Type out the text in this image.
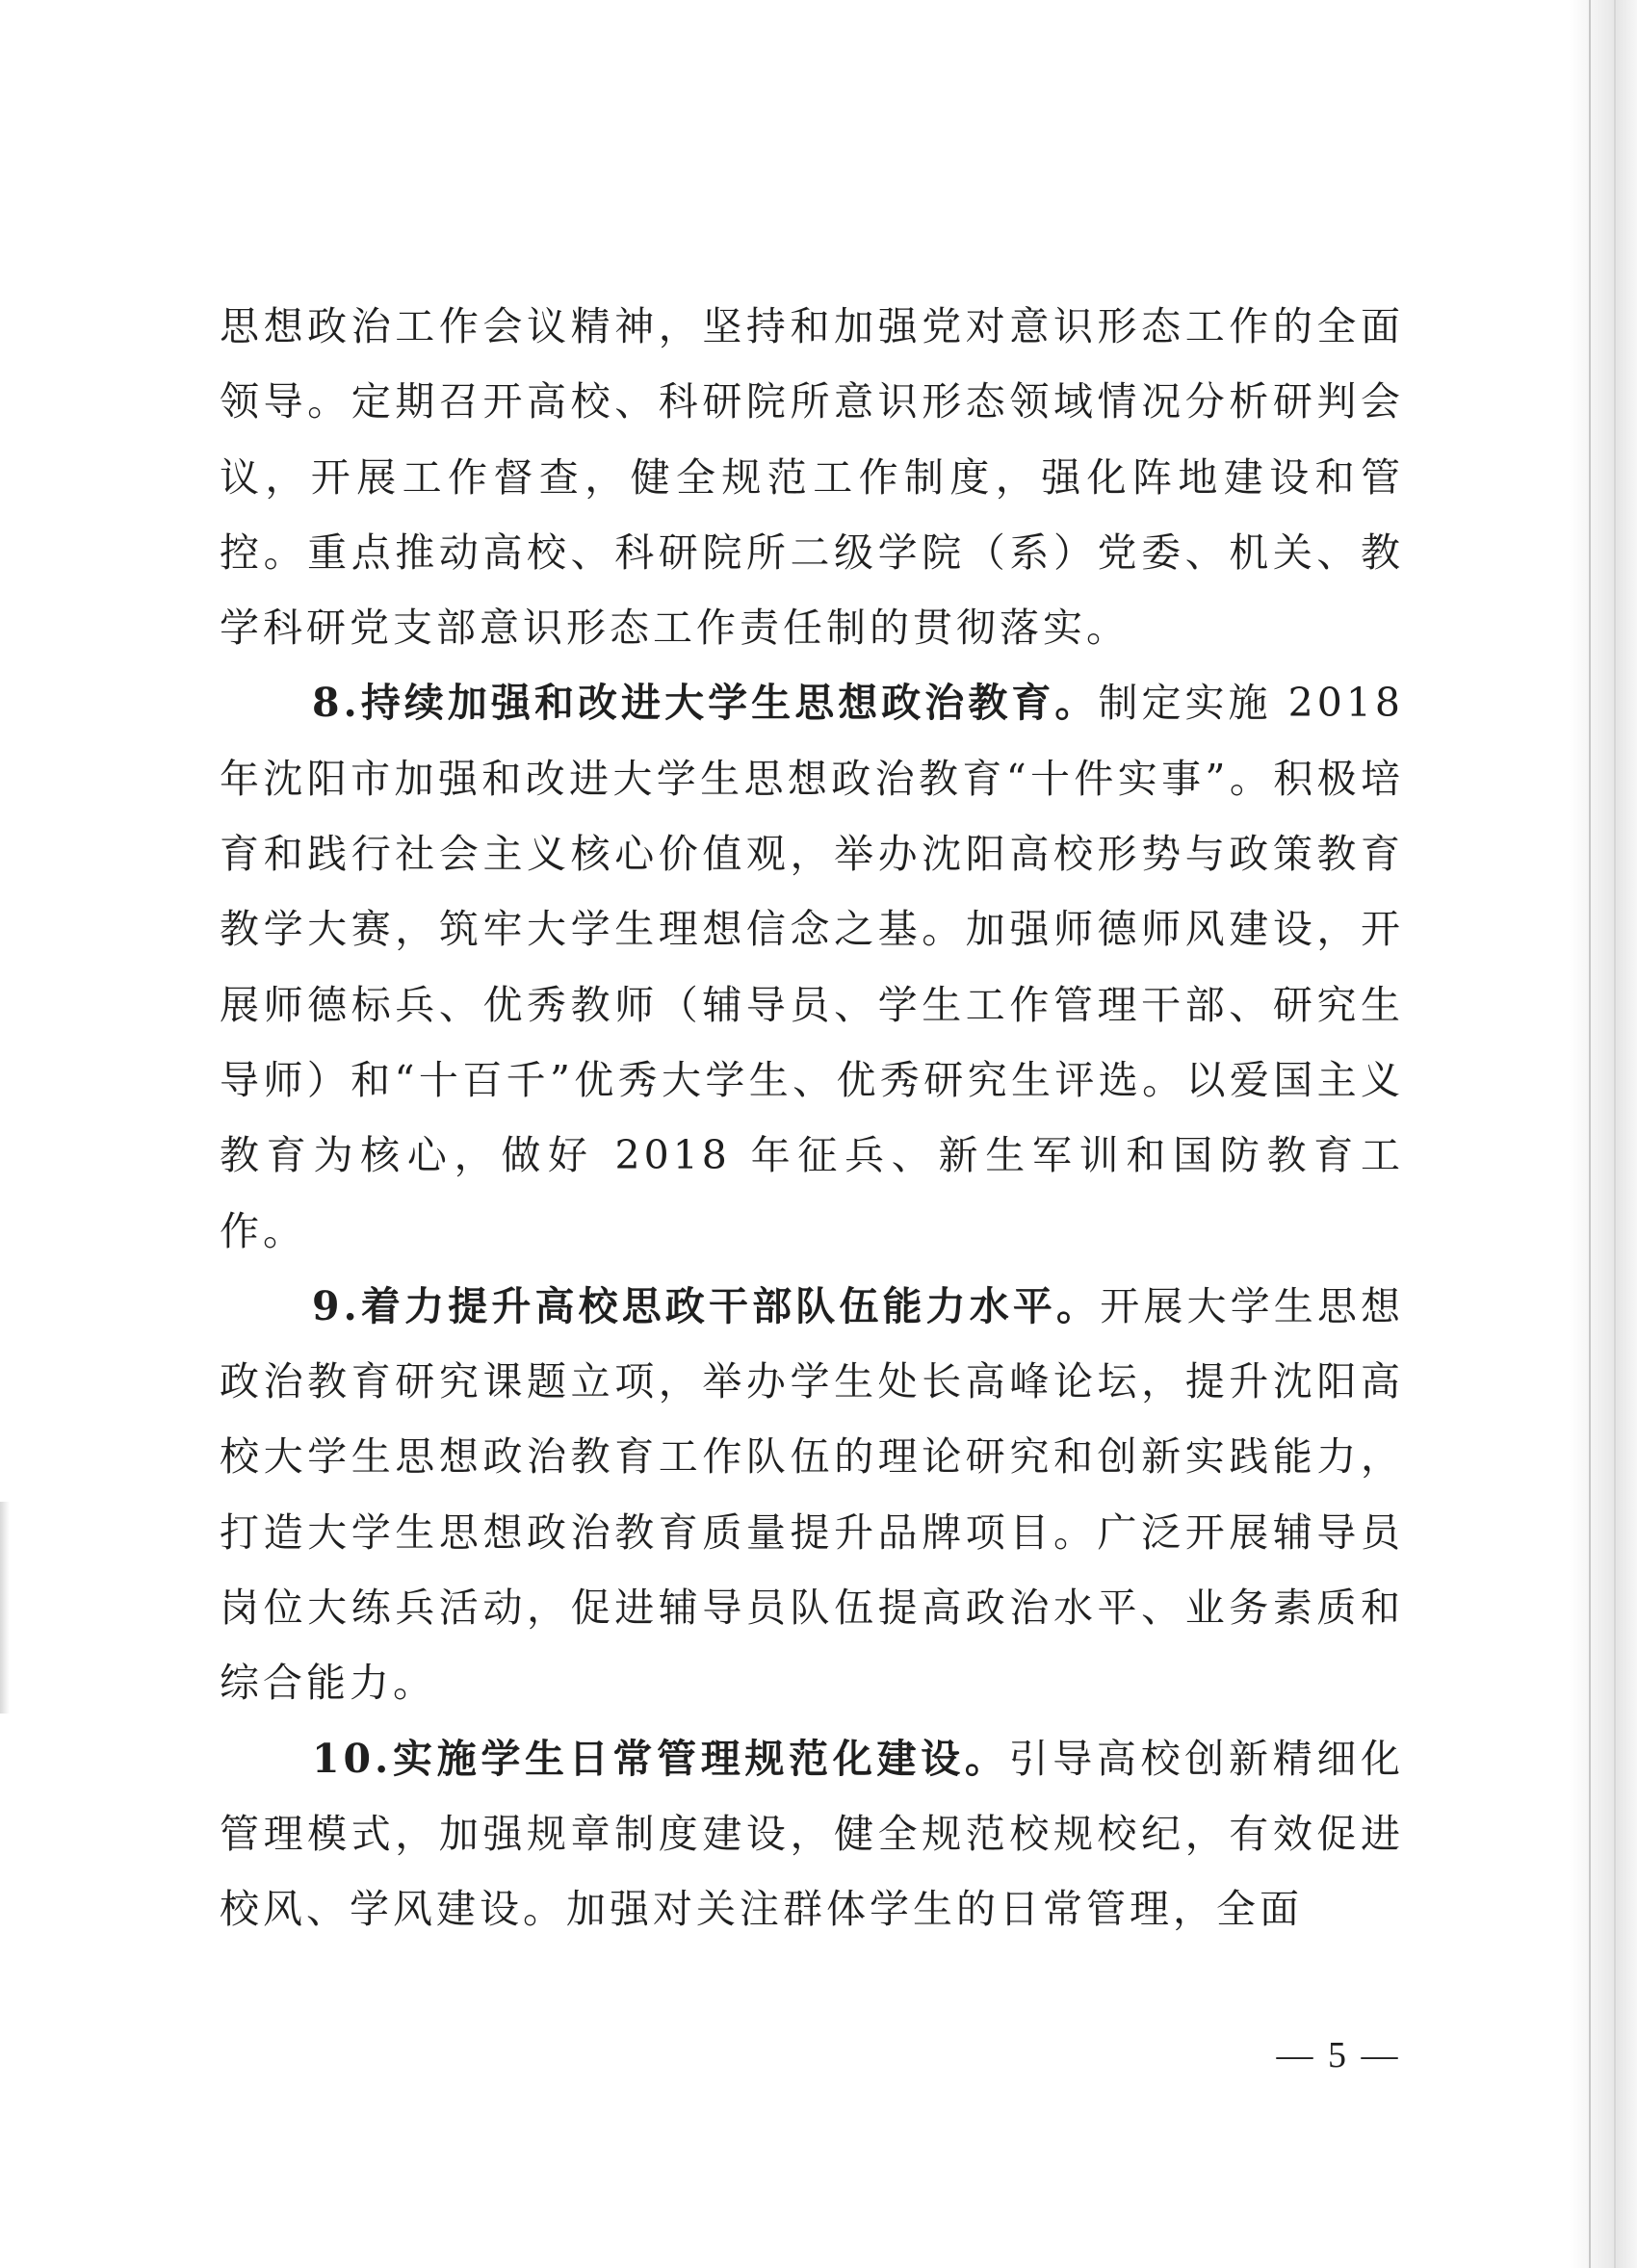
思想政治工作会议精神，坚持和加强党对意识形态工作的全面领导。定期召开高校、科研院所意识形态领域情况分析研判会议，开展工作督查，健全规范工作制度，强化阵地建设和管控。重点推动高校、科研院所二级学院（系）党委、机关、教学科研党支部意识形态工作责任制的贯彻落实。

8.持续加强和改进大学生思想政治教育。制定实施 2018 年沈阳市加强和改进大学生思想政治教育“十件实事”。积极培育和践行社会主义核心价值观，举办沈阳高校形势与政策教育教学大赛，筑牢大学生理想信念之基。加强师德师风建设，开展师德标兵、优秀教师（辅导员、学生工作管理干部、研究生导师）和“十百千”优秀大学生、优秀研究生评选。以爱国主义教育为核心，做好 2018 年征兵、新生军训和国防教育工作。

9.着力提升高校思政干部队伍能力水平。开展大学生思想政治教育研究课题立项，举办学生处长高峰论坛，提升沈阳高校大学生思想政治教育工作队伍的理论研究和创新实践能力，打造大学生思想政治教育质量提升品牌项目。广泛开展辅导员岗位大练兵活动，促进辅导员队伍提高政治水平、业务素质和综合能力。

10.实施学生日常管理规范化建设。引导高校创新精细化管理模式，加强规章制度建设，健全规范校规校纪，有效促进校风、学风建设。加强对关注群体学生的日常管理，全面

— 5 —
